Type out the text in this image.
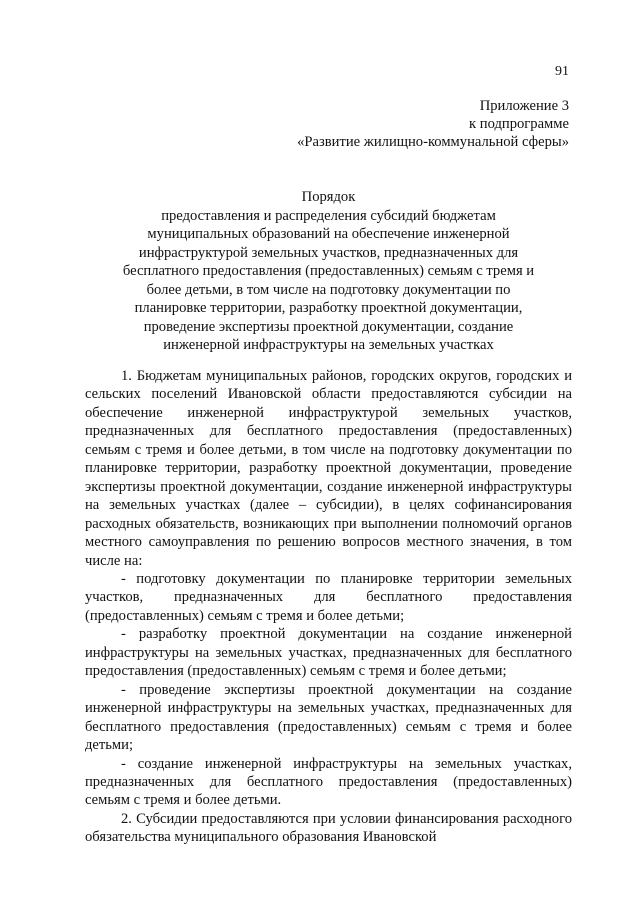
91
Приложение 3
к подпрограмме
«Развитие жилищно-коммунальной сферы»
Порядок
предоставления и распределения субсидий бюджетам
муниципальных образований на обеспечение инженерной
инфраструктурой земельных участков, предназначенных для
бесплатного предоставления (предоставленных) семьям с тремя и
более детьми, в том числе на подготовку документации по
планировке территории, разработку проектной документации,
проведение экспертизы проектной документации, создание
инженерной инфраструктуры на земельных участках

1. Бюджетам муниципальных районов, городских округов, городских и сельских поселений Ивановской области предоставляются субсидии на обеспечение инженерной инфраструктурой земельных участков, предназначенных для бесплатного предоставления (предоставленных) семьям с тремя и более детьми, в том числе на подготовку документации по планировке территории, разработку проектной документации, проведение экспертизы проектной документации, создание инженерной инфраструктуры на земельных участках (далее – субсидии), в целях софинансирования расходных обязательств, возникающих при выполнении полномочий органов местного самоуправления по решению вопросов местного значения, в том числе на:

- подготовку документации по планировке территории земельных участков, предназначенных для бесплатного предоставления (предоставленных) семьям с тремя и более детьми;

- разработку проектной документации на создание инженерной инфраструктуры на земельных участках, предназначенных для бесплатного предоставления (предоставленных) семьям с тремя и более детьми;

- проведение экспертизы проектной документации на создание инженерной инфраструктуры на земельных участках, предназначенных для бесплатного предоставления (предоставленных) семьям с тремя и более детьми;

- создание инженерной инфраструктуры на земельных участках, предназначенных для бесплатного предоставления (предоставленных) семьям с тремя и более детьми.

2. Субсидии предоставляются при условии финансирования расходного обязательства муниципального образования Ивановской
